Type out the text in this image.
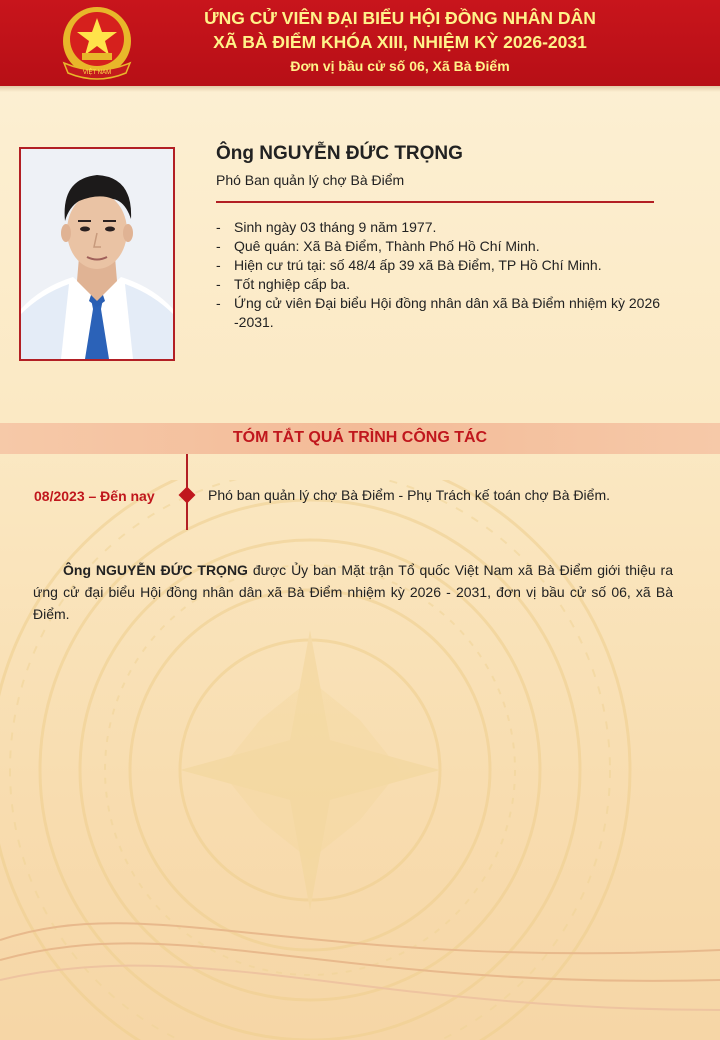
VIỆT NAM
ỨNG CỬ VIÊN ĐẠI BIỂU HỘI ĐỒNG NHÂN DÂN
XÃ BÀ ĐIỂM KHÓA XIII, NHIỆM KỲ 2026-2031
Đơn vị bầu cử số 06, Xã Bà Điểm
Ông NGUYỄN ĐỨC TRỌNG
Phó Ban quản lý chợ Bà Điểm
- Sinh ngày 03 tháng 9 năm 1977.
- Quê quán: Xã Bà Điểm, Thành Phố Hồ Chí Minh.
- Hiện cư trú tại: số 48/4 ấp 39 xã Bà Điểm, TP Hồ Chí Minh.
- Tốt nghiệp cấp ba.
- Ứng cử viên Đại biểu Hội đồng nhân dân xã Bà Điểm nhiệm kỳ 2026 -2031.
TÓM TẮT QUÁ TRÌNH CÔNG TÁC
08/2023 – Đến nay	Phó ban quản lý chợ Bà Điểm - Phụ Trách kế toán chợ Bà Điểm.

Ông NGUYỄN ĐỨC TRỌNG được Ủy ban Mặt trận Tổ quốc Việt Nam xã Bà Điểm giới thiệu ra ứng cử đại biểu Hội đồng nhân dân xã Bà Điểm nhiệm kỳ 2026 - 2031, đơn vị bầu cử số 06, xã Bà Điểm.
